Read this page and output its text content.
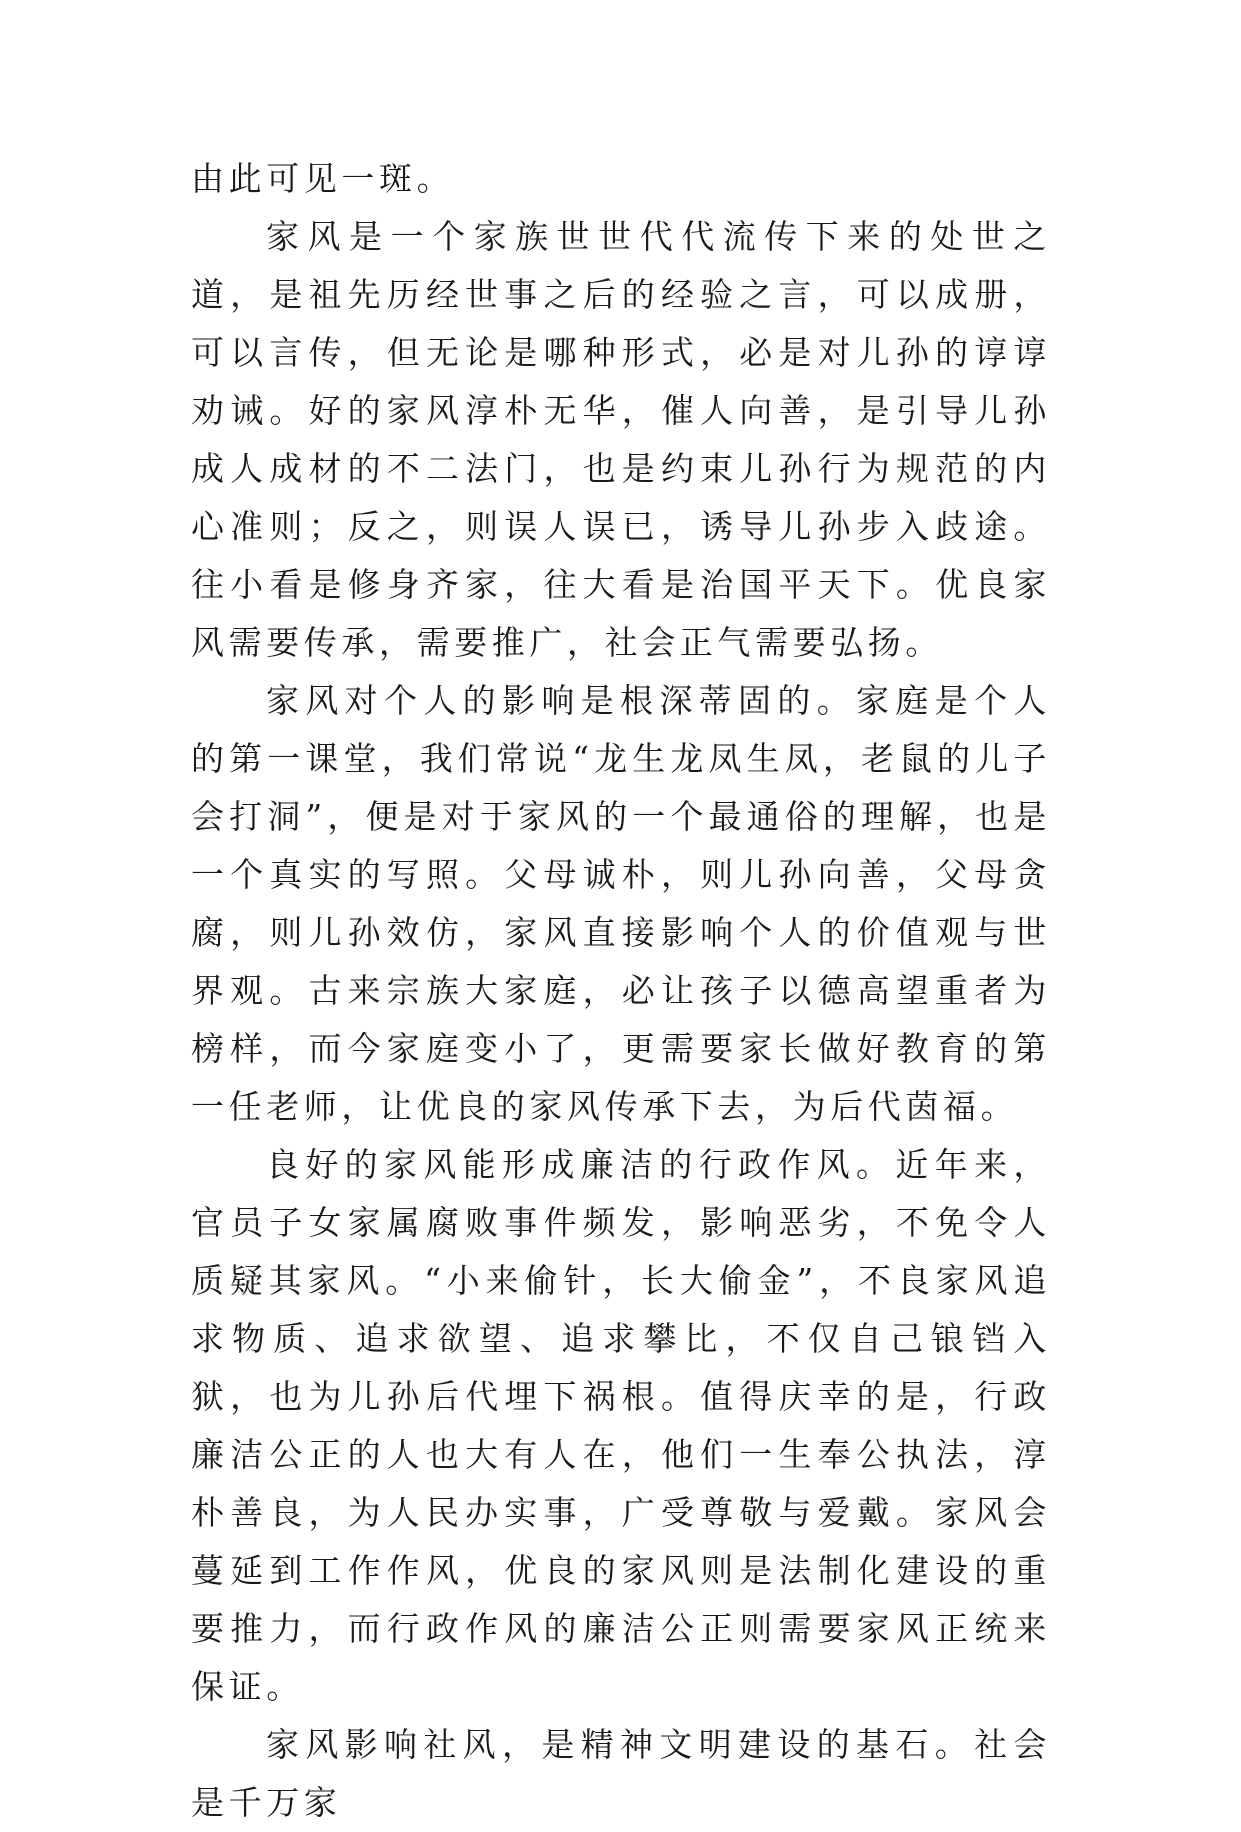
由此可见一斑。

家风是一个家族世世代代流传下来的处世之道，是祖先历经世事之后的经验之言，可以成册，可以言传，但无论是哪种形式，必是对儿孙的谆谆劝诫。好的家风淳朴无华，催人向善，是引导儿孙成人成材的不二法门，也是约束儿孙行为规范的内心准则；反之，则误人误已，诱导儿孙步入歧途。往小看是修身齐家，往大看是治国平天下。优良家风需要传承，需要推广，社会正气需要弘扬。

家风对个人的影响是根深蒂固的。家庭是个人的第一课堂，我们常说“龙生龙凤生凤，老鼠的儿子会打洞”，便是对于家风的一个最通俗的理解，也是一个真实的写照。父母诚朴，则儿孙向善，父母贪腐，则儿孙效仿，家风直接影响个人的价值观与世界观。古来宗族大家庭，必让孩子以德高望重者为榜样，而今家庭变小了，更需要家长做好教育的第一任老师，让优良的家风传承下去，为后代茵福。

良好的家风能形成廉洁的行政作风。近年来，官员子女家属腐败事件频发，影响恶劣，不免令人质疑其家风。“小来偷针，长大偷金”，不良家风追求物质、追求欲望、追求攀比，不仅自己锒铛入狱，也为儿孙后代埋下祸根。值得庆幸的是，行政廉洁公正的人也大有人在，他们一生奉公执法，淳朴善良，为人民办实事，广受尊敬与爱戴。家风会蔓延到工作作风，优良的家风则是法制化建设的重要推力，而行政作风的廉洁公正则需要家风正统来保证。

家风影响社风，是精神文明建设的基石。社会是千万家
